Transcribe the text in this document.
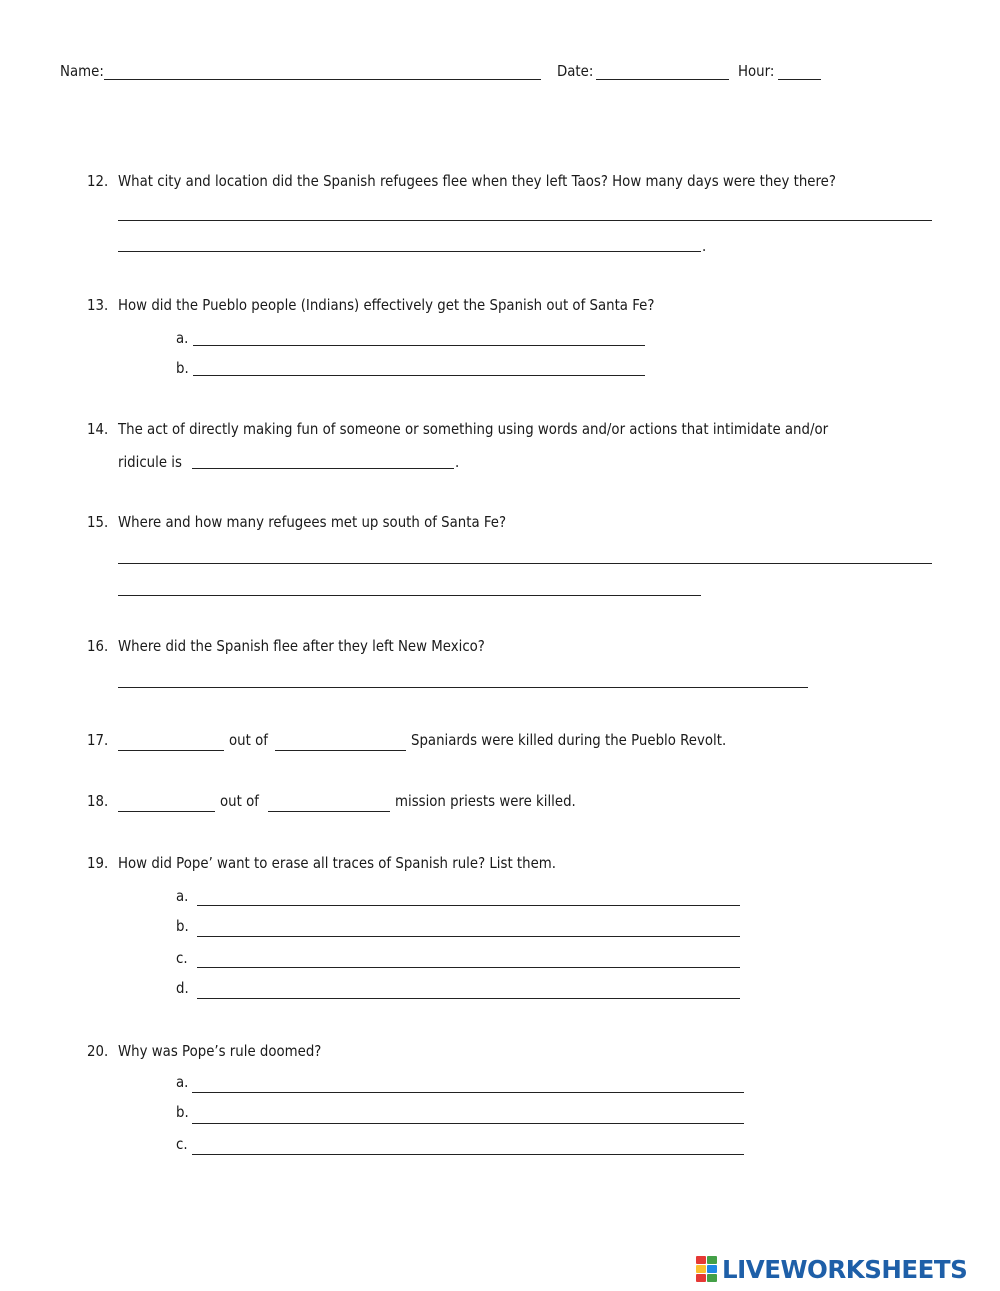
Name:	Date:	Hour:
12. What city and location did the Spanish refugees flee when they left Taos? How many days were they there?
.
13. How did the Pueblo people (Indians) effectively get the Spanish out of Santa Fe?
a.
b.
14. The act of directly making fun of someone or something using words and/or actions that intimidate and/or
ridicule is	.
15. Where and how many refugees met up south of Santa Fe?
16. Where did the Spanish flee after they left New Mexico?
17.	out of	Spaniards were killed during the Pueblo Revolt.
18.	out of	mission priests were killed.
19. How did Pope’ want to erase all traces of Spanish rule? List them.
a.
b.
c.
d.
20. Why was Pope’s rule doomed?
a.
b.
c.
LIVEWORKSHEETS
